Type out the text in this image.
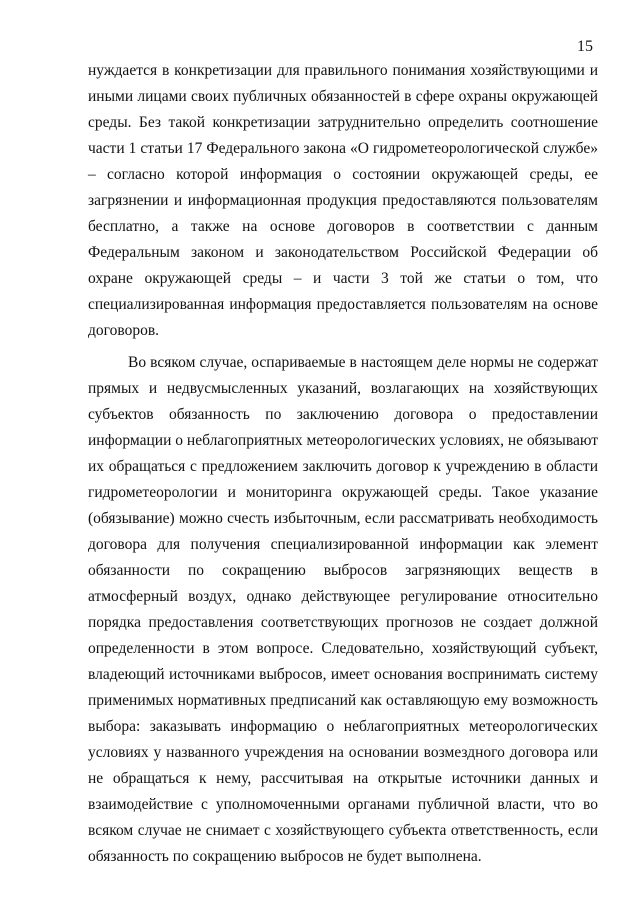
15

нуждается в конкретизации для правильного понимания хозяйствующими и иными лицами своих публичных обязанностей в сфере охраны окружающей среды. Без такой конкретизации затруднительно определить соотношение части 1 статьи 17 Федерального закона «О гидрометеорологической службе» – согласно которой информация о состоянии окружающей среды, ее загрязнении и информационная продукция предоставляются пользователям бесплатно, а также на основе договоров в соответствии с данным Федеральным законом и законодательством Российской Федерации об охране окружающей среды – и части 3 той же статьи о том, что специализированная информация предоставляется пользователям на основе договоров.

Во всяком случае, оспариваемые в настоящем деле нормы не содержат прямых и недвусмысленных указаний, возлагающих на хозяйствующих субъектов обязанность по заключению договора о предоставлении информации о неблагоприятных метеорологических условиях, не обязывают их обращаться с предложением заключить договор к учреждению в области гидрометеорологии и мониторинга окружающей среды. Такое указание (обязывание) можно счесть избыточным, если рассматривать необходимость договора для получения специализированной информации как элемент обязанности по сокращению выбросов загрязняющих веществ в атмосферный воздух, однако действующее регулирование относительно порядка предоставления соответствующих прогнозов не создает должной определенности в этом вопросе. Следовательно, хозяйствующий субъект, владеющий источниками выбросов, имеет основания воспринимать систему применимых нормативных предписаний как оставляющую ему возможность выбора: заказывать информацию о неблагоприятных метеорологических условиях у названного учреждения на основании возмездного договора или не обращаться к нему, рассчитывая на открытые источники данных и взаимодействие с уполномоченными органами публичной власти, что во всяком случае не снимает с хозяйствующего субъекта ответственность, если обязанность по сокращению выбросов не будет выполнена.
